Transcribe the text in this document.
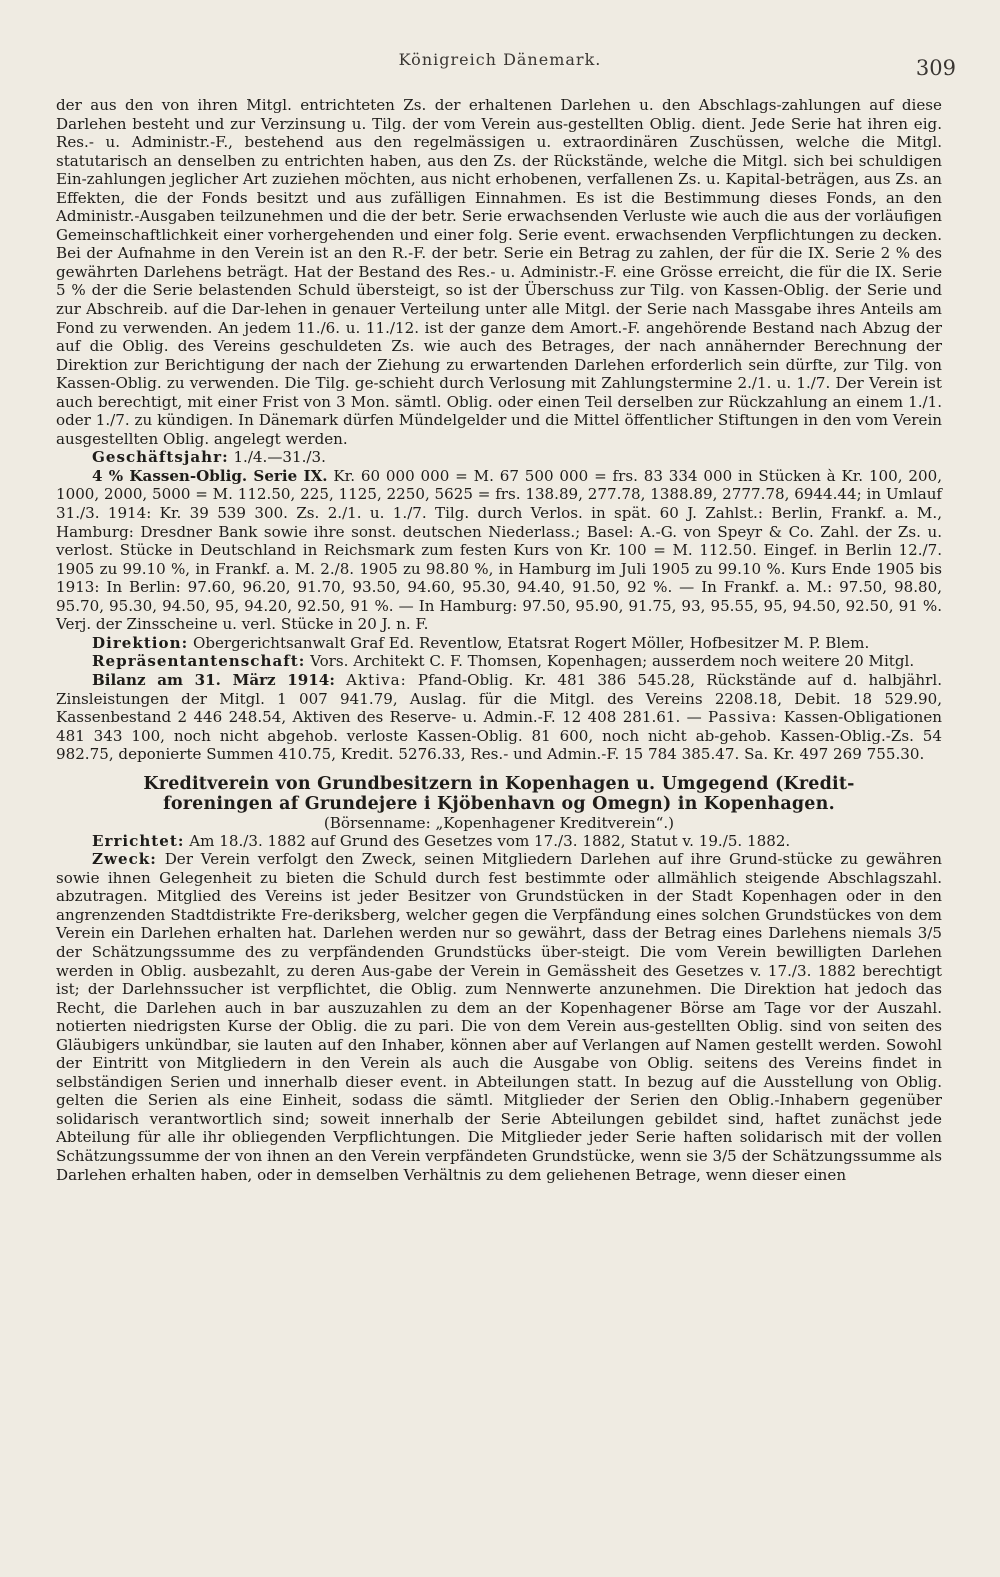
Königreich Dänemark.	309

der aus den von ihren Mitgl. entrichteten Zs. der erhaltenen Darlehen u. den Abschlags-zahlungen auf diese Darlehen besteht und zur Verzinsung u. Tilg. der vom Verein aus-gestellten Oblig. dient. Jede Serie hat ihren eig. Res.- u. Administr.-F., bestehend aus den regelmässigen u. extraordinären Zuschüssen, welche die Mitgl. statutarisch an denselben zu entrichten haben, aus den Zs. der Rückstände, welche die Mitgl. sich bei schuldigen Ein-zahlungen jeglicher Art zuziehen möchten, aus nicht erhobenen, verfallenen Zs. u. Kapital-beträgen, aus Zs. an Effekten, die der Fonds besitzt und aus zufälligen Einnahmen. Es ist die Bestimmung dieses Fonds, an den Administr.-Ausgaben teilzunehmen und die der betr. Serie erwachsenden Verluste wie auch die aus der vorläufigen Gemeinschaftlichkeit einer vorhergehenden und einer folg. Serie event. erwachsenden Verpflichtungen zu decken. Bei der Aufnahme in den Verein ist an den R.-F. der betr. Serie ein Betrag zu zahlen, der für die IX. Serie 2 % des gewährten Darlehens beträgt. Hat der Bestand des Res.- u. Administr.-F. eine Grösse erreicht, die für die IX. Serie 5 % der die Serie belastenden Schuld übersteigt, so ist der Überschuss zur Tilg. von Kassen-Oblig. der Serie und zur Abschreib. auf die Dar-lehen in genauer Verteilung unter alle Mitgl. der Serie nach Massgabe ihres Anteils am Fond zu verwenden. An jedem 11./6. u. 11./12. ist der ganze dem Amort.-F. angehörende Bestand nach Abzug der auf die Oblig. des Vereins geschuldeten Zs. wie auch des Betrages, der nach annähernder Berechnung der Direktion zur Berichtigung der nach der Ziehung zu erwartenden Darlehen erforderlich sein dürfte, zur Tilg. von Kassen-Oblig. zu verwenden. Die Tilg. ge-schieht durch Verlosung mit Zahlungstermine 2./1. u. 1./7. Der Verein ist auch berechtigt, mit einer Frist von 3 Mon. sämtl. Oblig. oder einen Teil derselben zur Rückzahlung an einem 1./1. oder 1./7. zu kündigen. In Dänemark dürfen Mündelgelder und die Mittel öffentlicher Stiftungen in den vom Verein ausgestellten Oblig. angelegt werden.

Geschäftsjahr: 1./4.—31./3.

4 % Kassen-Oblig. Serie IX. Kr. 60 000 000 = M. 67 500 000 = frs. 83 334 000 in Stücken à Kr. 100, 200, 1000, 2000, 5000 = M. 112.50, 225, 1125, 2250, 5625 = frs. 138.89, 277.78, 1388.89, 2777.78, 6944.44; in Umlauf 31./3. 1914: Kr. 39 539 300. Zs. 2./1. u. 1./7. Tilg. durch Verlos. in spät. 60 J. Zahlst.: Berlin, Frankf. a. M., Hamburg: Dresdner Bank sowie ihre sonst. deutschen Niederlass.; Basel: A.-G. von Speyr & Co. Zahl. der Zs. u. verlost. Stücke in Deutschland in Reichsmark zum festen Kurs von Kr. 100 = M. 112.50. Eingef. in Berlin 12./7. 1905 zu 99.10 %, in Frankf. a. M. 2./8. 1905 zu 98.80 %, in Hamburg im Juli 1905 zu 99.10 %. Kurs Ende 1905 bis 1913: In Berlin: 97.60, 96.20, 91.70, 93.50, 94.60, 95.30, 94.40, 91.50, 92 %. — In Frankf. a. M.: 97.50, 98.80, 95.70, 95.30, 94.50, 95, 94.20, 92.50, 91 %. — In Hamburg: 97.50, 95.90, 91.75, 93, 95.55, 95, 94.50, 92.50, 91 %. Verj. der Zinsscheine u. verl. Stücke in 20 J. n. F.

Direktion: Obergerichtsanwalt Graf Ed. Reventlow, Etatsrat Rogert Möller, Hofbesitzer M. P. Blem.

Repräsentantenschaft: Vors. Architekt C. F. Thomsen, Kopenhagen; ausserdem noch weitere 20 Mitgl.

Bilanz am 31. März 1914: Aktiva: Pfand-Oblig. Kr. 481 386 545.28, Rückstände auf d. halbjährl. Zinsleistungen der Mitgl. 1 007 941.79, Auslag. für die Mitgl. des Vereins 2208.18, Debit. 18 529.90, Kassenbestand 2 446 248.54, Aktiven des Reserve- u. Admin.-F. 12 408 281.61. — Passiva: Kassen-Obligationen 481 343 100, noch nicht abgehob. verloste Kassen-Oblig. 81 600, noch nicht ab-gehob. Kassen-Oblig.-Zs. 54 982.75, deponierte Summen 410.75, Kredit. 5276.33, Res.- und Admin.-F. 15 784 385.47. Sa. Kr. 497 269 755.30.

Kreditverein von Grundbesitzern in Kopenhagen u. Umgegend (Kredit-
foreningen af Grundejere i Kjöbenhavn og Omegn) in Kopenhagen.
(Börsenname: „Kopenhagener Kreditverein“.)

Errichtet: Am 18./3. 1882 auf Grund des Gesetzes vom 17./3. 1882, Statut v. 19./5. 1882.

Zweck: Der Verein verfolgt den Zweck, seinen Mitgliedern Darlehen auf ihre Grund-stücke zu gewähren sowie ihnen Gelegenheit zu bieten die Schuld durch fest bestimmte oder allmählich steigende Abschlagszahl. abzutragen. Mitglied des Vereins ist jeder Besitzer von Grundstücken in der Stadt Kopenhagen oder in den angrenzenden Stadtdistrikte Fre-deriksberg, welcher gegen die Verpfändung eines solchen Grundstückes von dem Verein ein Darlehen erhalten hat. Darlehen werden nur so gewährt, dass der Betrag eines Darlehens niemals 3/5 der Schätzungssumme des zu verpfändenden Grundstücks über-steigt. Die vom Verein bewilligten Darlehen werden in Oblig. ausbezahlt, zu deren Aus-gabe der Verein in Gemässheit des Gesetzes v. 17./3. 1882 berechtigt ist; der Darlehnssucher ist verpflichtet, die Oblig. zum Nennwerte anzunehmen. Die Direktion hat jedoch das Recht, die Darlehen auch in bar auszuzahlen zu dem an der Kopenhagener Börse am Tage vor der Auszahl. notierten niedrigsten Kurse der Oblig. die zu pari. Die von dem Verein aus-gestellten Oblig. sind von seiten des Gläubigers unkündbar, sie lauten auf den Inhaber, können aber auf Verlangen auf Namen gestellt werden. Sowohl der Eintritt von Mitgliedern in den Verein als auch die Ausgabe von Oblig. seitens des Vereins findet in selbständigen Serien und innerhalb dieser event. in Abteilungen statt. In bezug auf die Ausstellung von Oblig. gelten die Serien als eine Einheit, sodass die sämtl. Mitglieder der Serien den Oblig.-Inhabern gegenüber solidarisch verantwortlich sind; soweit innerhalb der Serie Abteilungen gebildet sind, haftet zunächst jede Abteilung für alle ihr obliegenden Verpflichtungen. Die Mitglieder jeder Serie haften solidarisch mit der vollen Schätzungssumme der von ihnen an den Verein verpfändeten Grundstücke, wenn sie 3/5 der Schätzungssumme als Darlehen erhalten haben, oder in demselben Verhältnis zu dem geliehenen Betrage, wenn dieser einen
